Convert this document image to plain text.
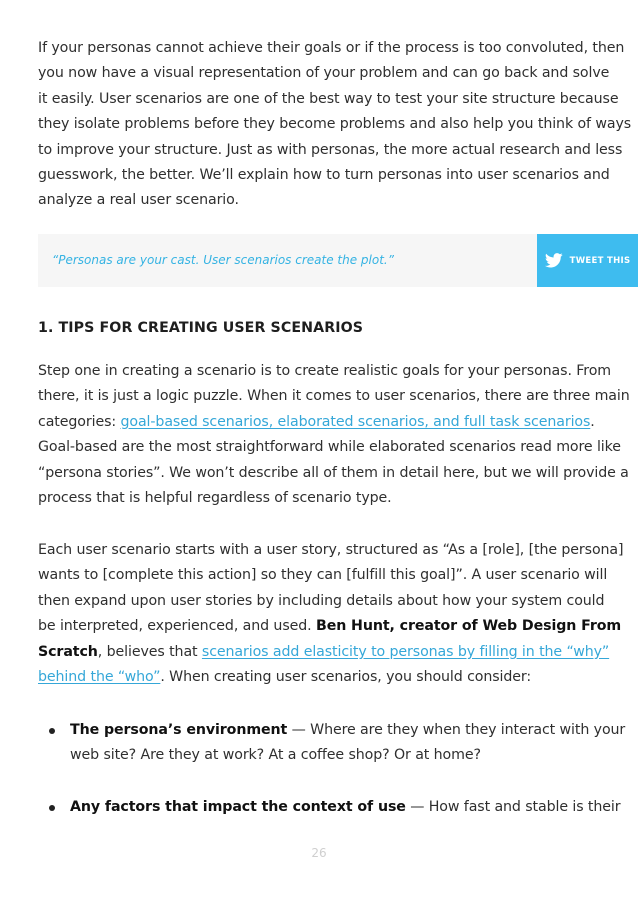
If your personas cannot achieve their goals or if the process is too convoluted, then
you now have a visual representation of your problem and can go back and solve
it easily. User scenarios are one of the best way to test your site structure because
they isolate problems before they become problems and also help you think of ways
to improve your structure. Just as with personas, the more actual research and less
guesswork, the better. We’ll explain how to turn personas into user scenarios and
analyze a real user scenario.

“Personas are your cast. User scenarios create the plot.”	TWEET THIS
1. TIPS FOR CREATING USER SCENARIOS

Step one in creating a scenario is to create realistic goals for your personas. From
there, it is just a logic puzzle. When it comes to user scenarios, there are three main
categories: goal-based scenarios, elaborated scenarios, and full task scenarios.
Goal-based are the most straightforward while elaborated scenarios read more like
“persona stories”. We won’t describe all of them in detail here, but we will provide a
process that is helpful regardless of scenario type.

Each user scenario starts with a user story, structured as “As a [role], [the persona]
wants to [complete this action] so they can [fulfill this goal]”. A user scenario will
then expand upon user stories by including details about how your system could
be interpreted, experienced, and used. Ben Hunt, creator of Web Design From
Scratch, believes that scenarios add elasticity to personas by filling in the “why”
behind the “who”. When creating user scenarios, you should consider:

The persona’s environment — Where are they when they interact with your
web site? Are they at work? At a coffee shop? Or at home?
Any factors that impact the context of use — How fast and stable is their
26
